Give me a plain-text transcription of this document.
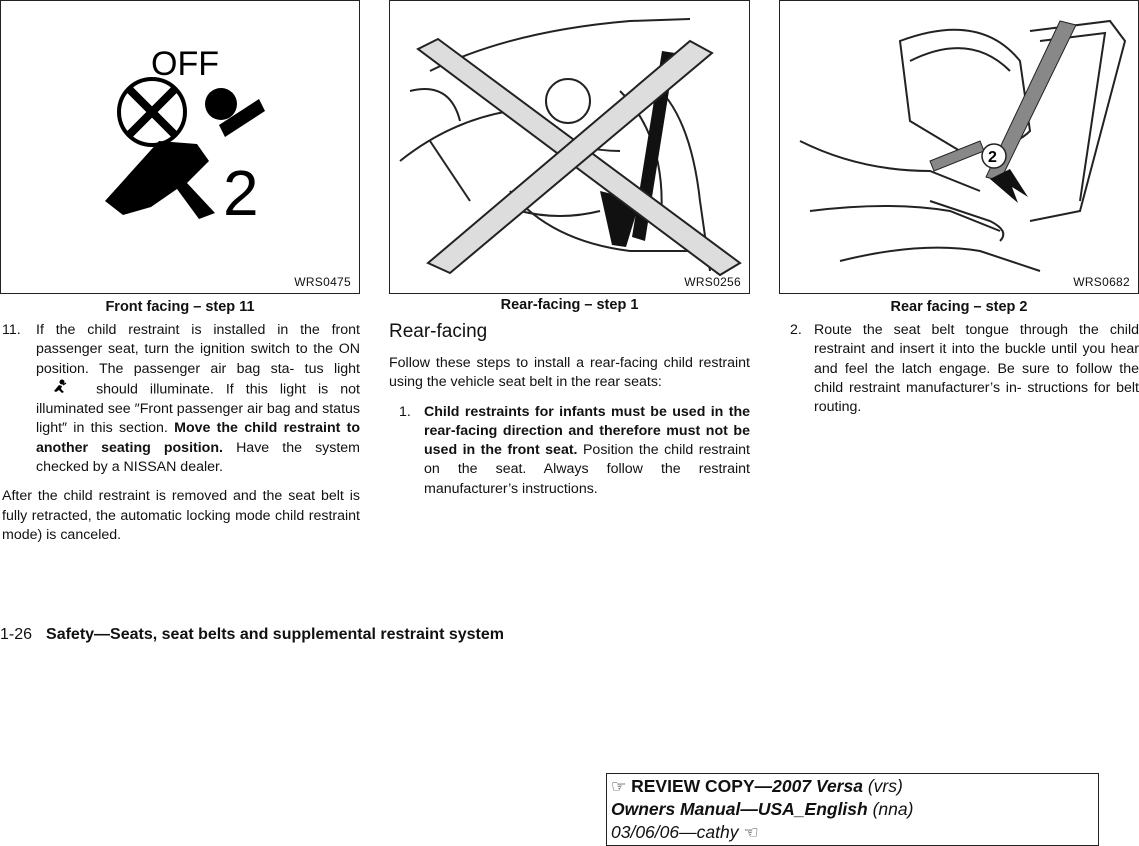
OFF
2
WRS0475	WRS0256
2
WRS0682
Front facing – step 11	Rear-facing – step 1	Rear facing – step 2
11.	If the child restraint is installed in the front passenger seat, turn the ignition switch to the ON position. The passenger air bag sta- tus light  should illuminate. If this light is not illuminated see ″Front passenger air bag and status light″ in this section. Move the child restraint to another seating position. Have the system checked by a NISSAN dealer.
After the child restraint is removed and the seat belt is fully retracted, the automatic locking mode child restraint mode) is canceled.
Rear-facing
Follow these steps to install a rear-facing child restraint using the vehicle seat belt in the rear seats:
1. Child restraints for infants must be used in the rear-facing direction and therefore must not be used in the front seat. Position the child restraint on the seat. Always follow the restraint manufacturer’s instructions.
2. Route the seat belt tongue through the child restraint and insert it into the buckle until you hear and feel the latch engage. Be sure to follow the child restraint manufacturer’s in- structions for belt routing.
1-26 Safety—Seats, seat belts and supplemental restraint system
☞ REVIEW COPY—2007 Versa (vrs)
Owners Manual—USA_English (nna)
03/06/06—cathy ☜
